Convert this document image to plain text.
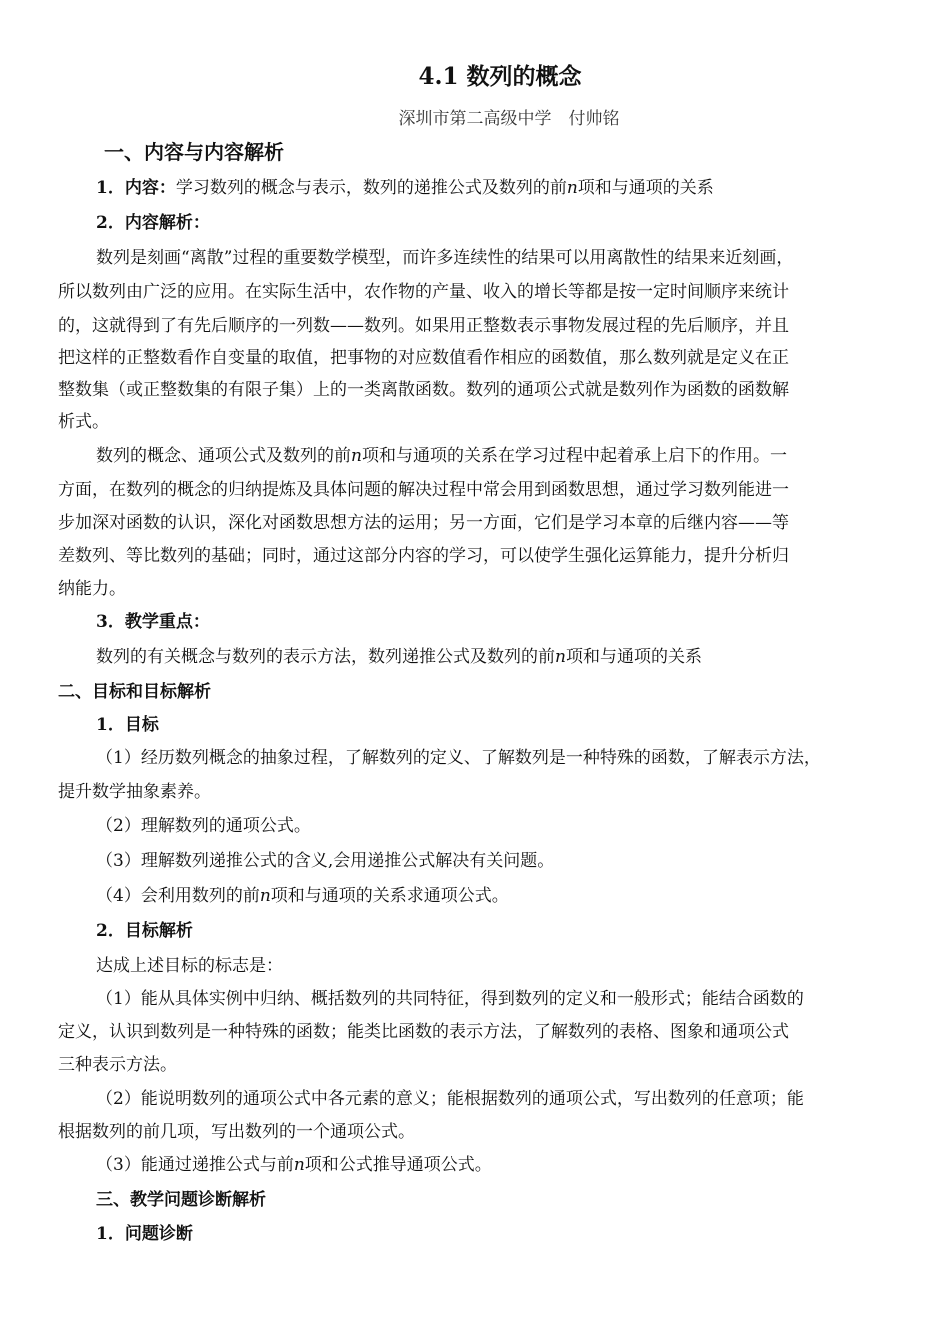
4.1 数列的概念
深圳市第二高级中学　付帅铭
一、内容与内容解析
1．内容：学习数列的概念与表示，数列的递推公式及数列的前n项和与通项的关系
2．内容解析：
数列是刻画“离散”过程的重要数学模型，而许多连续性的结果可以用离散性的结果来近刻画，
所以数列由广泛的应用。在实际生活中，农作物的产量、收入的增长等都是按一定时间顺序来统计
的，这就得到了有先后顺序的一列数——数列。如果用正整数表示事物发展过程的先后顺序，并且
把这样的正整数看作自变量的取值，把事物的对应数值看作相应的函数值，那么数列就是定义在正
整数集（或正整数集的有限子集）上的一类离散函数。数列的通项公式就是数列作为函数的函数解
析式。
数列的概念、通项公式及数列的前n项和与通项的关系在学习过程中起着承上启下的作用。一
方面，在数列的概念的归纳提炼及具体问题的解决过程中常会用到函数思想，通过学习数列能进一
步加深对函数的认识，深化对函数思想方法的运用；另一方面，它们是学习本章的后继内容——等
差数列、等比数列的基础；同时，通过这部分内容的学习，可以使学生强化运算能力，提升分析归
纳能力。
3．教学重点：
数列的有关概念与数列的表示方法，数列递推公式及数列的前n项和与通项的关系
二、目标和目标解析
1．目标
（1）经历数列概念的抽象过程，了解数列的定义、了解数列是一种特殊的函数，了解表示方法，
提升数学抽象素养。
（2）理解数列的通项公式。
（3）理解数列递推公式的含义,会用递推公式解决有关问题。
（4）会利用数列的前n项和与通项的关系求通项公式。
2．目标解析
达成上述目标的标志是：
（1）能从具体实例中归纳、概括数列的共同特征，得到数列的定义和一般形式；能结合函数的
定义，认识到数列是一种特殊的函数；能类比函数的表示方法，了解数列的表格、图象和通项公式
三种表示方法。
（2）能说明数列的通项公式中各元素的意义；能根据数列的通项公式，写出数列的任意项；能
根据数列的前几项，写出数列的一个通项公式。
（3）能通过递推公式与前n项和公式推导通项公式。
三、教学问题诊断解析
1．问题诊断
